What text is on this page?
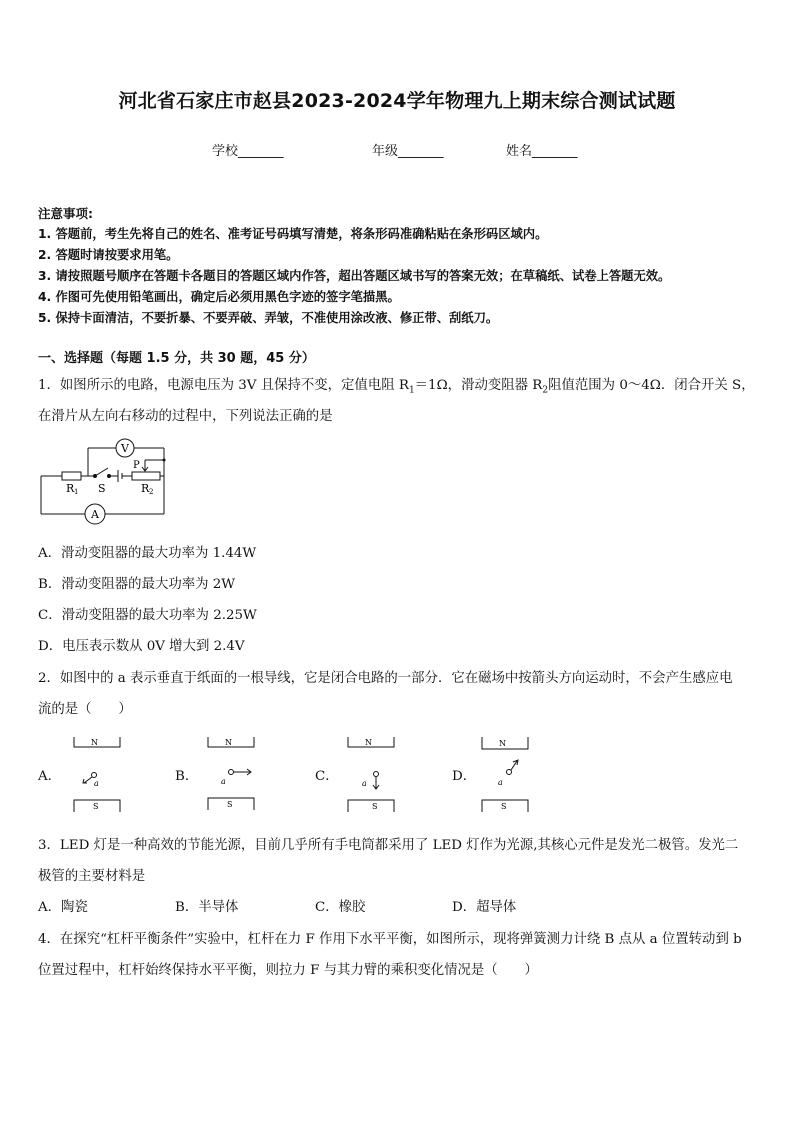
河北省石家庄市赵县2023-2024学年物理九上期末综合测试试题
学校_______	年级_______	姓名_______
注意事项:
1. 答题前，考生先将自己的姓名、准考证号码填写清楚，将条形码准确粘贴在条形码区域内。
2. 答题时请按要求用笔。
3. 请按照题号顺序在答题卡各题目的答题区域内作答，超出答题区域书写的答案无效；在草稿纸、试卷上答题无效。
4. 作图可先使用铅笔画出，确定后必须用黑色字迹的签字笔描黑。
5. 保持卡面清洁，不要折暴、不要弄破、弄皱，不准使用涂改液、修正带、刮纸刀。
一、选择题（每题 1.5 分，共 30 题，45 分）
1．如图所示的电路，电源电压为 3V 且保持不变，定值电阻 $R_1=1\Omega$，滑动变阻器 $R_2$阻值范围为 0～4Ω．闭合开关 S，
在滑片从左向右移动的过程中，下列说法正确的是
V
A
R 1 S
P
R 2
A．滑动变阻器的最大功率为 1.44W
B．滑动变阻器的最大功率为 2W
C．滑动变阻器的最大功率为 2.25W
D．电压表示数从 0V 增大到 2.4V
2．如图中的 a 表示垂直于纸面的一根导线，它是闭合电路的一部分．它在磁场中按箭头方向运动时，不会产生感应电
流的是（　　）
A．
N
S
a	B．
N
S
a	C．
N
S
a	D．
N
S
a
3．LED 灯是一种高效的节能光源，目前几乎所有手电筒都采用了 LED 灯作为光源,其核心元件是发光二极管。发光二
极管的主要材料是
A．陶瓷	B．半导体	C．橡胶	D．超导体
4．在探究“杠杆平衡条件”实验中，杠杆在力 F 作用下水平平衡，如图所示，现将弹簧测力计绕 B 点从 a 位置转动到 b
位置过程中，杠杆始终保持水平平衡，则拉力 F 与其力臂的乘积变化情况是（　　）
